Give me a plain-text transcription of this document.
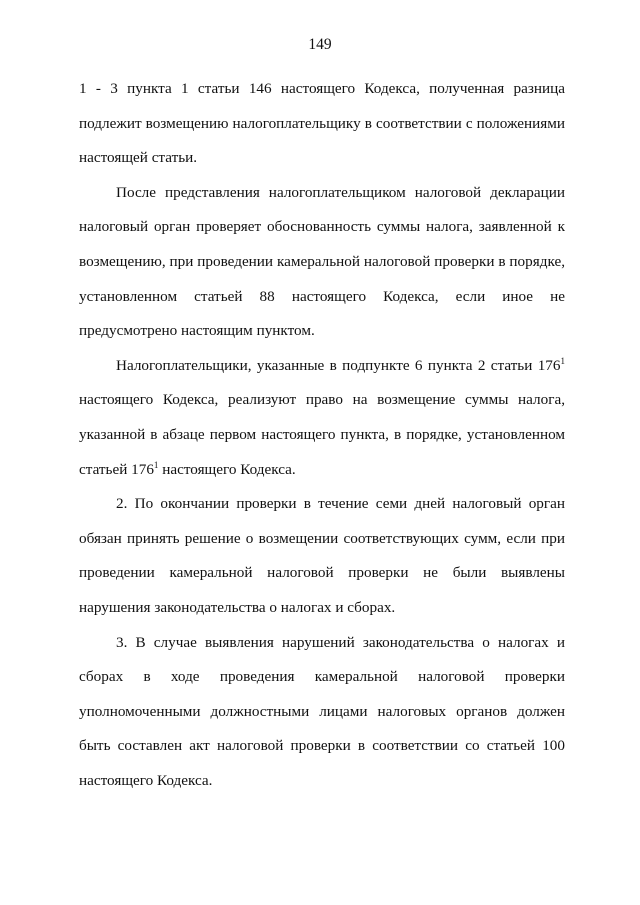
149

1 - 3 пункта 1 статьи 146 настоящего Кодекса, полученная разница подлежит возмещению налогоплательщику в соответствии с положениями настоящей статьи.

После представления налогоплательщиком налоговой декларации налоговый орган проверяет обоснованность суммы налога, заявленной к возмещению, при проведении камеральной налоговой проверки в порядке, установленном статьей 88 настоящего Кодекса, если иное не предусмотрено настоящим пунктом.

Налогоплательщики, указанные в подпункте 6 пункта 2 статьи $176^1$ настоящего Кодекса, реализуют право на возмещение суммы налога, указанной в абзаце первом настоящего пункта, в порядке, установленном статьей $176^1$ настоящего Кодекса.

2. По окончании проверки в течение семи дней налоговый орган обязан принять решение о возмещении соответствующих сумм, если при проведении камеральной налоговой проверки не были выявлены нарушения законодательства о налогах и сборах.

3. В случае выявления нарушений законодательства о налогах и сборах в ходе проведения камеральной налоговой проверки уполномоченными должностными лицами налоговых органов должен быть составлен акт налоговой проверки в соответствии со статьей 100 настоящего Кодекса.
